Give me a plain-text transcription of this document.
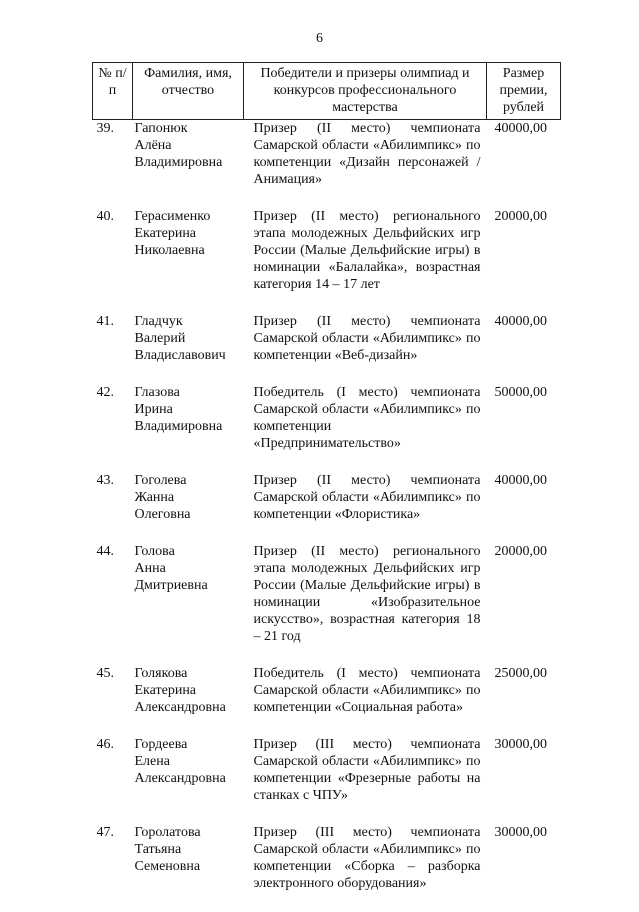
6
№ п/п	Фамилия, имя, отчество	Победители и призеры олимпиад и конкурсов профессионального мастерства	Размер премии, рублей
39.	Гапонюк
Алёна
Владимировна	Призер (II место) чемпионата Самарской области «Абилимпикс» по компетенции «Дизайн персонажей / Анимация»	40000,00
40.	Герасименко
Екатерина
Николаевна	Призер (II место) регионального этапа молодежных Дельфийских игр России (Малые Дельфийские игры) в номинации «Балалайка», возрастная категория 14 – 17 лет	20000,00
41.	Гладчук
Валерий
Владиславович	Призер (II место) чемпионата Самарской области «Абилимпикс» по компетенции «Веб-дизайн»	40000,00
42.	Глазова
Ирина
Владимировна	Победитель (I место) чемпионата Самарской области «Абилимпикс» по компетенции «Предпринимательство»	50000,00
43.	Гоголева
Жанна
Олеговна	Призер (II место) чемпионата Самарской области «Абилимпикс» по компетенции «Флористика»	40000,00
44.	Голова
Анна
Дмитриевна	Призер (II место) регионального этапа молодежных Дельфийских игр России (Малые Дельфийские игры) в номинации «Изобразительное искусство», возрастная категория 18 – 21 год	20000,00
45.	Голякова
Екатерина
Александровна	Победитель (I место) чемпионата Самарской области «Абилимпикс» по компетенции «Социальная работа»	25000,00
46.	Гордеева
Елена
Александровна	Призер (III место) чемпионата Самарской области «Абилимпикс» по компетенции «Фрезерные работы на станках с ЧПУ»	30000,00
47.	Горолатова
Татьяна
Семеновна	Призер (III место) чемпионата Самарской области «Абилимпикс» по компетенции «Сборка – разборка электронного оборудования»	30000,00
